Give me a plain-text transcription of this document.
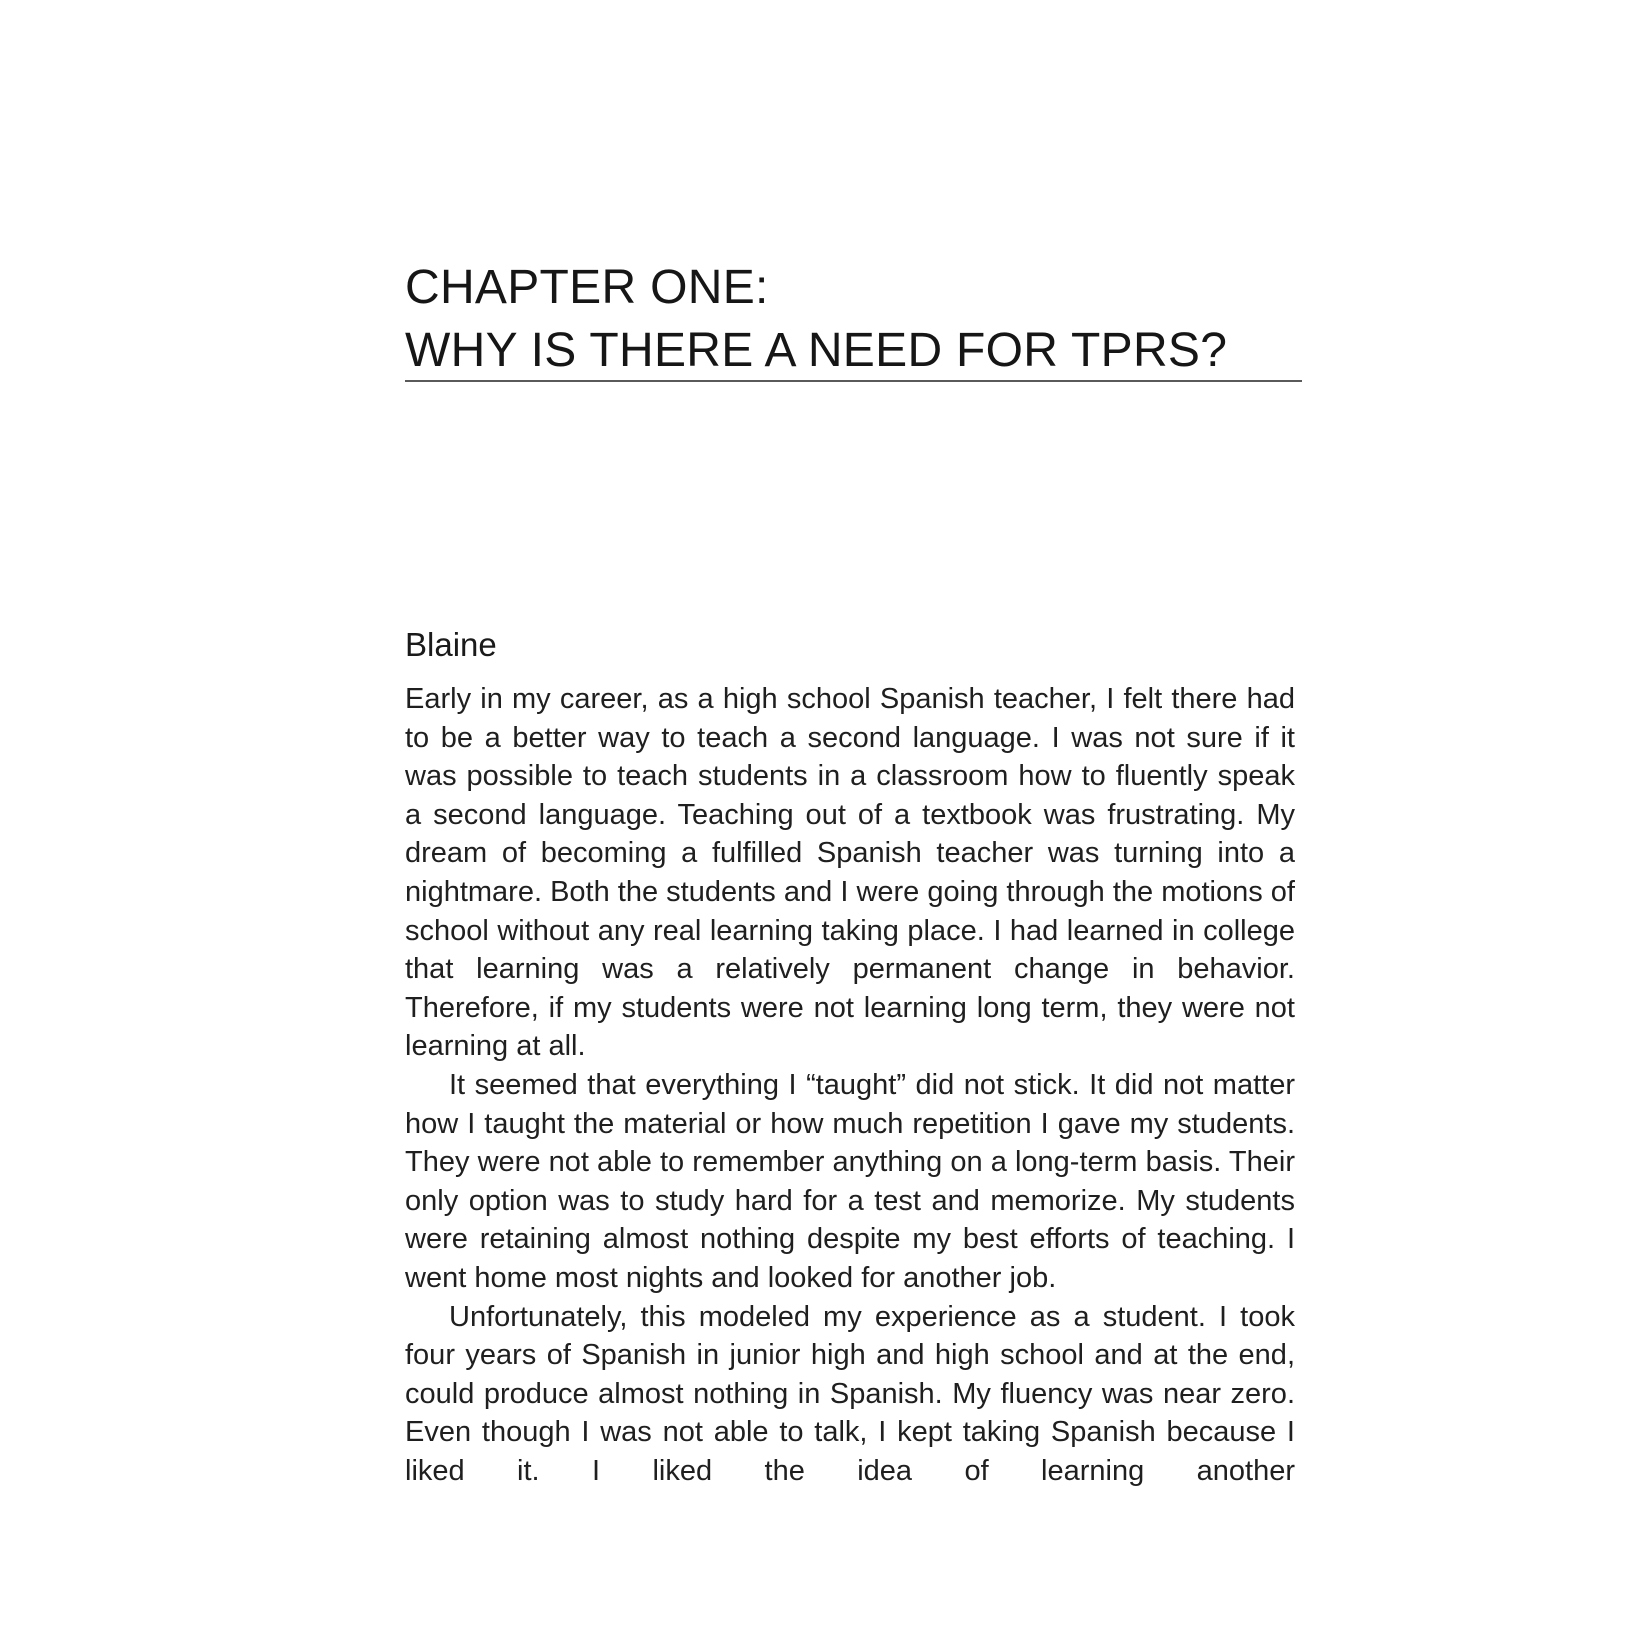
CHAPTER ONE:
WHY IS THERE A NEED FOR TPRS?
Blaine

Early in my career, as a high school Spanish teacher, I felt there had to be a better way to teach a second language. I was not sure if it was possible to teach students in a classroom how to fluently speak a second language. Teaching out of a textbook was frustrating. My dream of becoming a fulfilled Spanish teacher was turning into a nightmare. Both the students and I were going through the motions of school without any real learning taking place. I had learned in college that learning was a relatively permanent change in behavior. Therefore, if my students were not learning long term, they were not learning at all.

It seemed that everything I “taught” did not stick. It did not matter how I taught the material or how much repetition I gave my students. They were not able to remember anything on a long-term basis. Their only option was to study hard for a test and memorize. My students were retaining almost nothing despite my best efforts of teaching. I went home most nights and looked for another job.

Unfortunately, this modeled my experience as a student. I took four years of Spanish in junior high and high school and at the end, could produce almost nothing in Spanish. My fluency was near zero. Even though I was not able to talk, I kept taking Spanish because I liked it. I liked the idea of learning another
